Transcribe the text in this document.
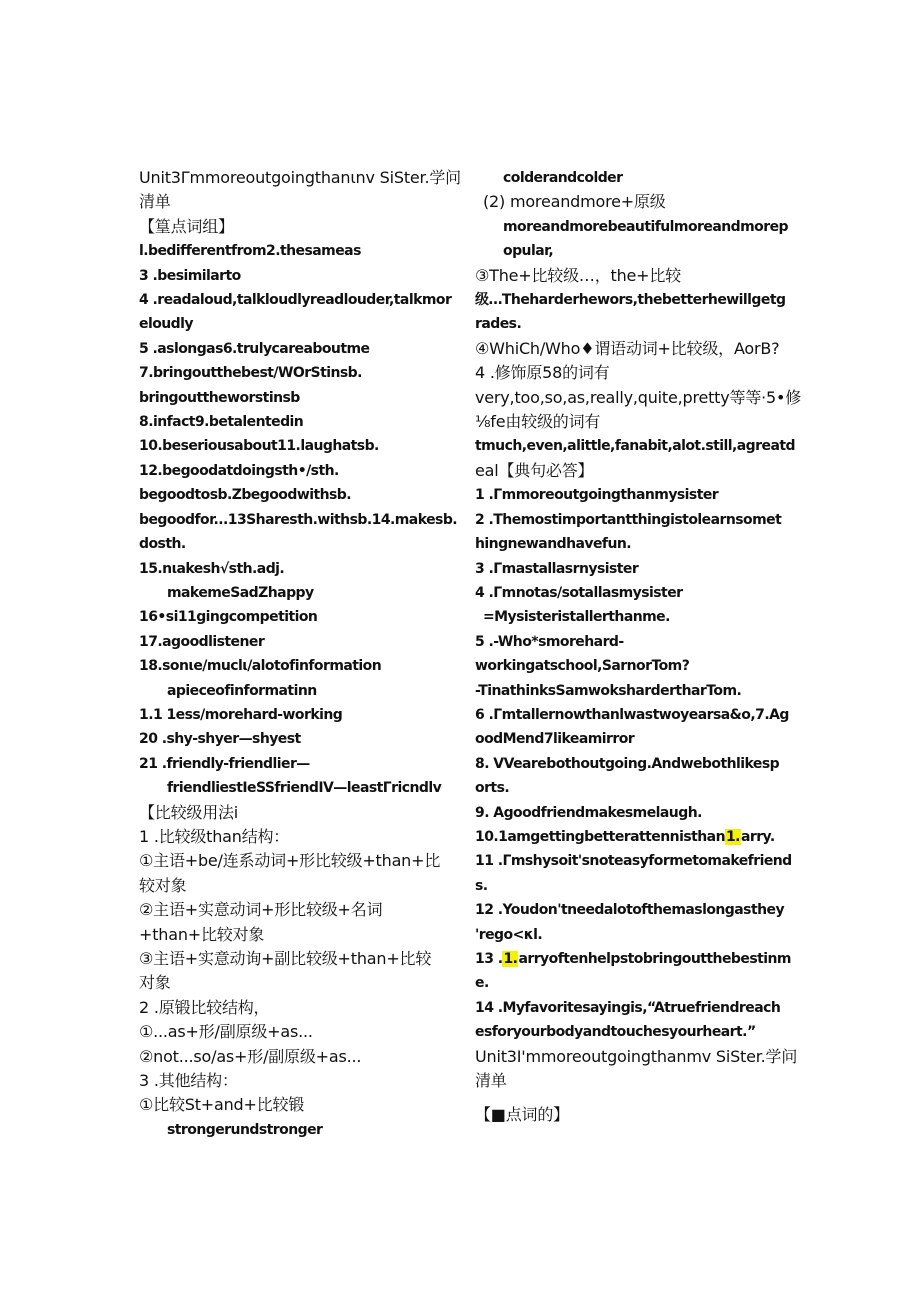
Unit3Γmmoreoutgoingthanιnv SiSter.学问
清单
【篁点词组】
l.bedifferentfrom2.thesameas
3 .besimilarto
4 .readaloud,talkloudlyreadlouder,talkmor
eloudly
5 .aslongas6.trulycareaboutme
7.bringoutthebest/WOrStinsb.
bringouttheworstinsb
8.infact9.betalentedin
10.beseriousabout11.laughatsb.
12.begoodatdoingsth•/sth.
begoodtosb.Zbegoodwithsb.
begoodfor...13Sharesth.withsb.14.makesb.
dosth.
15.nιakesh√sth.adj.
makemeSadZhappy
16•si11gingcompetition
17.agoodlistener
18.sonιe/muclι/alotofinformation
apieceofinformatinn
1.1 1ess/morehard-working
20 .shy-shyer—shyest
21 .friendly-friendlier—
friendliestIeSSfriendIV—leastΓricndlv
【比较级用法i
1 .比较级than结构：
①主语+be/连系动词+形比较级+than+比
较对象
②主语+实意动词+形比较级+名词
+than+比较对象
③主语+实意动询+副比较级+than+比较
对象
2 .原锻比较结构，
①...as+形/副原级+as...
②not...so/as+形/副原级+as...
3 .其他结构：
①比较St+and+比较锻
strongerundstronger
colderandcolder
(2) moreandmore+原级
moreandmorebeautifulmoreandmorep
opular,
③The+比较级…，the+比较
级…Theharderhewors,thebetterhewillgetg
rades.
④WhiCh/Who♦谓语动词+比较级，AorB?
4 .修饰原58的词有
very,too,so,as,really,quite,pretty等等·5•修
⅛fe由较级的词有
tmuch,even,alittle,fanabit,alot.still,agreatd
eal【典句必答】
1 .Γmmoreoutgoingthanmysister
2 .Themostimportantthingistolearnsomet
hingnewandhavefun.
3 .Γmastallasrnysister
4 .Γmnotas/sotallasmysister
=Mysisteristallerthanme.
5 .-Who*smorehard-
workingatschool,SarnorTom?
-TinathinksSamwokshardertharTom.
6 .Γmtallernowthanlwastwoyearsa&o,7.Ag
oodMend7likeamirror
8. VVearebothoutgoing.Andwebothlikesp
orts.
9. Agoodfriendmakesmelaugh.
10.1amgettingbetterattennisthan1.arry.
11 .Γmshysoit'snoteasyformetomakefriend
s.
12 .Youdon'tneedalotofthemaslongasthey
'rego<κl.
13 .1.arryoftenhelpstobringoutthebestinm
e.
14 .Myfavoritesayingis,“Atruefriendreach
esforyourbodyandtouchesyourheart.”
Unit3I'mmoreoutgoingthanmv SiSter.学问
清单
【■点词的】
